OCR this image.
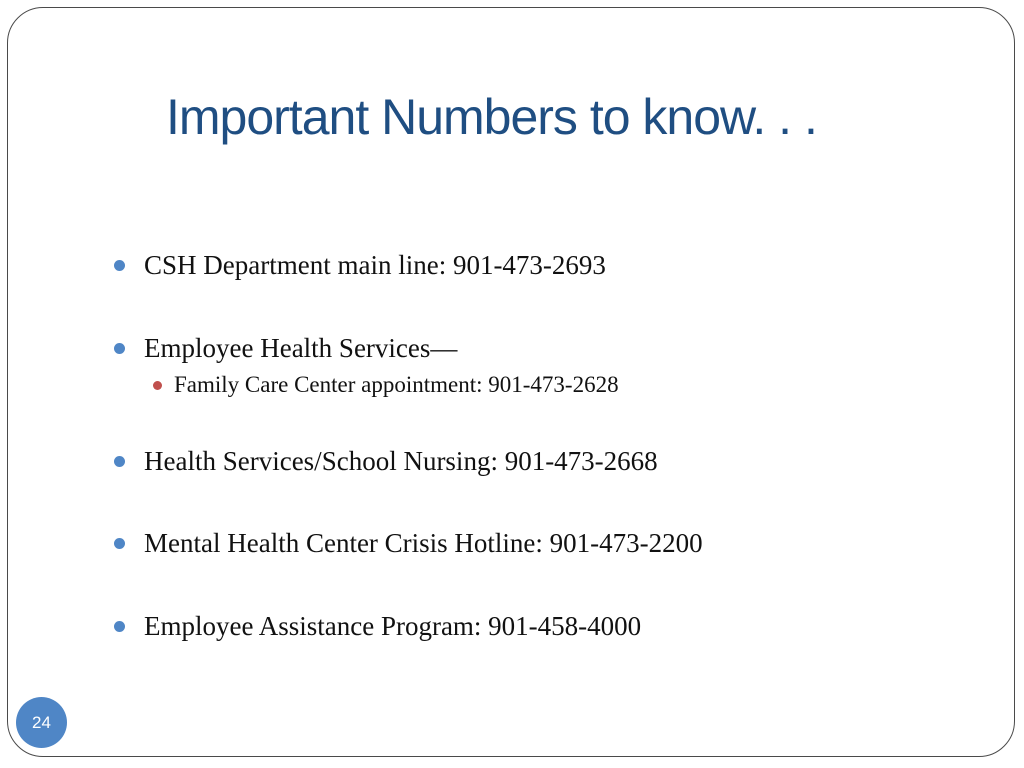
Important Numbers to know. . .
CSH Department main line: 901-473-2693
Employee Health Services—
Family Care Center appointment: 901-473-2628
Health Services/School Nursing: 901-473-2668
Mental Health Center Crisis Hotline: 901-473-2200
Employee Assistance Program: 901-458-4000
24
